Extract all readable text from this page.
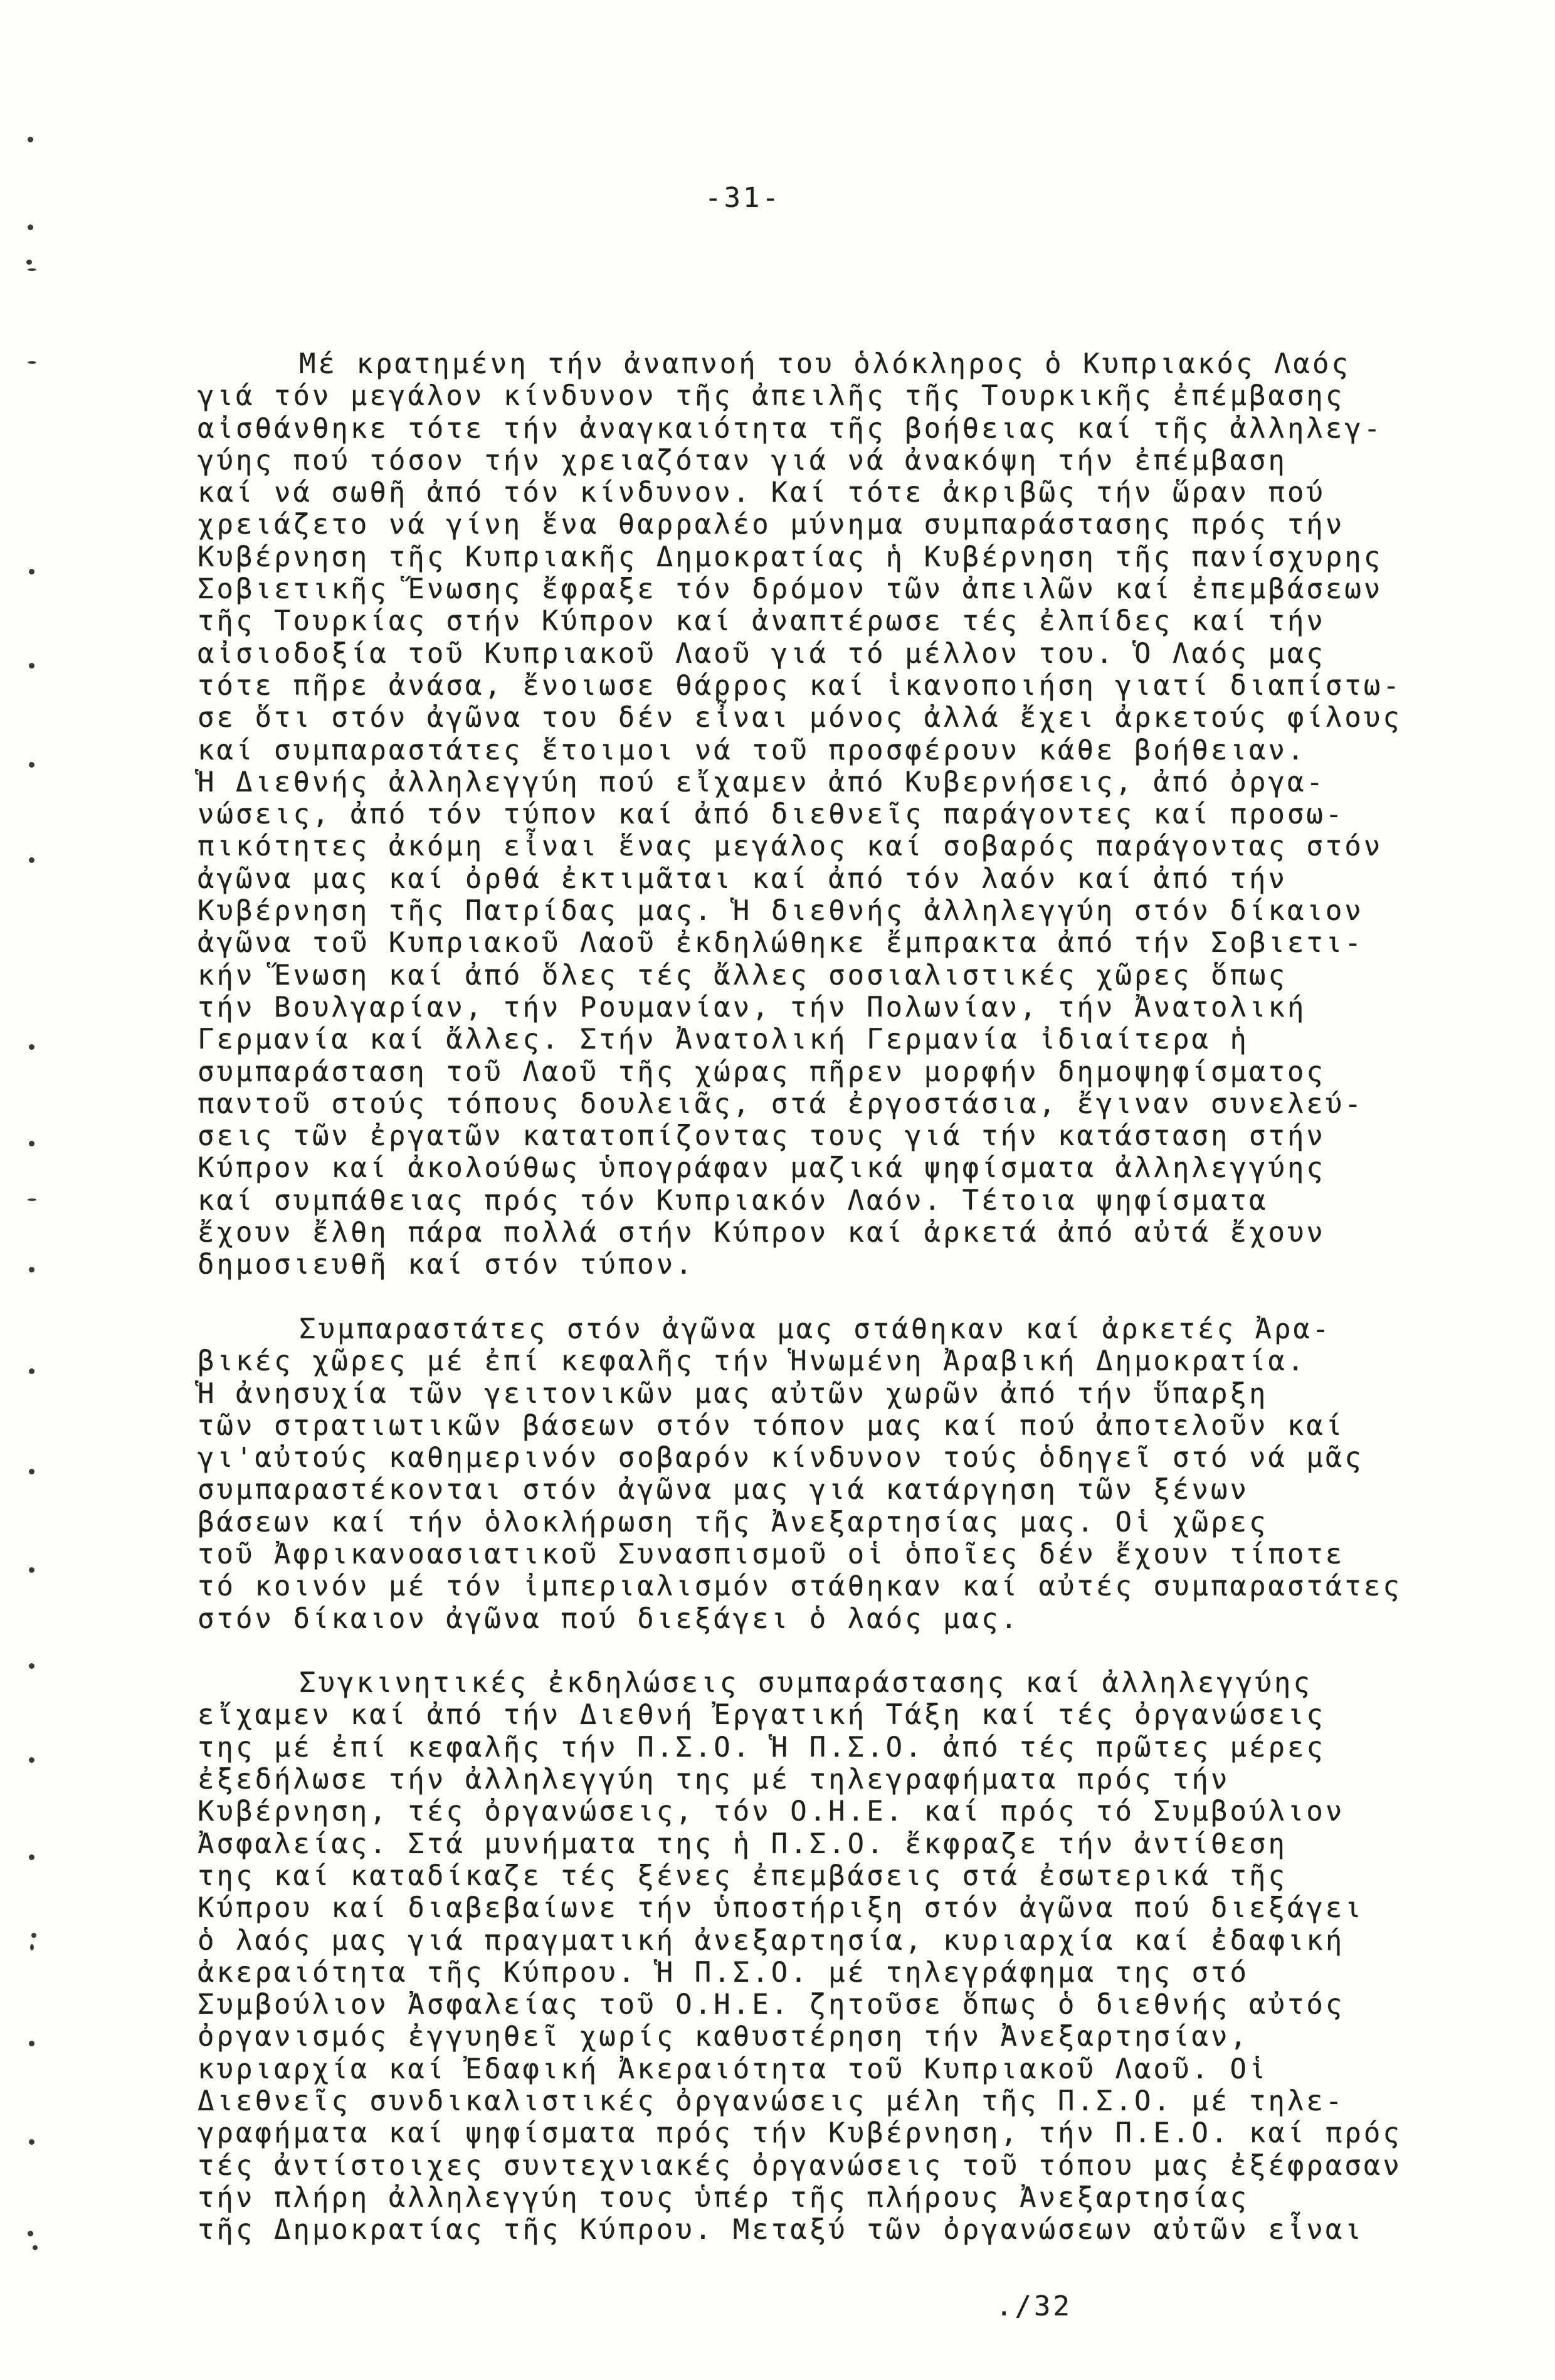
-31-
Μέ κρατημένη τήν ἀναπνοή του ὁλόκληρος ὁ Κυπριακός Λαός
γιά τόν μεγάλον κίνδυνον τῆς ἀπειλῆς τῆς Τουρκικῆς ἐπέμβασης
αἰσθάνθηκε τότε τήν ἀναγκαιότητα τῆς βοήθειας καί τῆς ἀλληλεγ-
γύης πού τόσον τήν χρειαζόταν γιά νά ἀνακόψη τήν ἐπέμβαση
καί νά σωθῆ ἀπό τόν κίνδυνον. Καί τότε ἀκριβῶς τήν ὥραν πού
χρειάζετο νά γίνη ἕνα θαρραλέο μύνημα συμπαράστασης πρός τήν
Κυβέρνηση τῆς Κυπριακῆς Δημοκρατίας ἡ Κυβέρνηση τῆς πανίσχυρης
Σοβιετικῆς Ἕνωσης ἔφραξε τόν δρόμον τῶν ἀπειλῶν καί ἐπεμβάσεων
τῆς Τουρκίας στήν Κύπρον καί ἀναπτέρωσε τές ἐλπίδες καί τήν
αἰσιοδοξία τοῦ Κυπριακοῦ Λαοῦ γιά τό μέλλον του. Ὁ Λαός μας
τότε πῆρε ἀνάσα, ἔνοιωσε θάρρος καί ἱκανοποιήση γιατί διαπίστω-
σε ὅτι στόν ἀγῶνα του δέν εἶναι μόνος ἀλλά ἔχει ἀρκετούς φίλους
καί συμπαραστάτες ἕτοιμοι νά τοῦ προσφέρουν κάθε βοήθειαν.
Ἡ Διεθνής ἀλληλεγγύη πού εἴχαμεν ἀπό Κυβερνήσεις, ἀπό ὀργα-
νώσεις, ἀπό τόν τύπον καί ἀπό διεθνεῖς παράγοντες καί προσω-
πικότητες ἀκόμη εἶναι ἕνας μεγάλος καί σοβαρός παράγοντας στόν
ἀγῶνα μας καί ὀρθά ἐκτιμᾶται καί ἀπό τόν λαόν καί ἀπό τήν
Κυβέρνηση τῆς Πατρίδας μας. Ἡ διεθνής ἀλληλεγγύη στόν δίκαιον
ἀγῶνα τοῦ Κυπριακοῦ Λαοῦ ἐκδηλώθηκε ἔμπρακτα ἀπό τήν Σοβιετι-
κήν Ἕνωση καί ἀπό ὅλες τές ἄλλες σοσιαλιστικές χῶρες ὅπως
τήν Βουλγαρίαν, τήν Ρουμανίαν, τήν Πολωνίαν, τήν Ἀνατολική
Γερμανία καί ἄλλες. Στήν Ἀνατολική Γερμανία ἰδιαίτερα ἡ
συμπαράσταση τοῦ Λαοῦ τῆς χώρας πῆρεν μορφήν δημοψηφίσματος
παντοῦ στούς τόπους δουλειᾶς, στά ἐργοστάσια, ἔγιναν συνελεύ-
σεις τῶν ἐργατῶν κατατοπίζοντας τους γιά τήν κατάσταση στήν
Κύπρον καί ἀκολούθως ὑπογράφαν μαζικά ψηφίσματα ἀλληλεγγύης
καί συμπάθειας πρός τόν Κυπριακόν Λαόν. Τέτοια ψηφίσματα
ἔχουν ἔλθη πάρα πολλά στήν Κύπρον καί ἀρκετά ἀπό αὐτά ἔχουν
δημοσιευθῆ καί στόν τύπον.
Συμπαραστάτες στόν ἀγῶνα μας στάθηκαν καί ἀρκετές Ἀρα-
βικές χῶρες μέ ἐπί κεφαλῆς τήν Ἡνωμένη Ἀραβική Δημοκρατία.
Ἡ ἀνησυχία τῶν γειτονικῶν μας αὐτῶν χωρῶν ἀπό τήν ὕπαρξη
τῶν στρατιωτικῶν βάσεων στόν τόπον μας καί πού ἀποτελοῦν καί
γι'αὐτούς καθημερινόν σοβαρόν κίνδυνον τούς ὁδηγεῖ στό νά μᾶς
συμπαραστέκονται στόν ἀγῶνα μας γιά κατάργηση τῶν ξένων
βάσεων καί τήν ὁλοκλήρωση τῆς Ἀνεξαρτησίας μας. Οἱ χῶρες
τοῦ Ἀφρικανοασιατικοῦ Συνασπισμοῦ οἱ ὁποῖες δέν ἔχουν τίποτε
τό κοινόν μέ τόν ἰμπεριαλισμόν στάθηκαν καί αὐτές συμπαραστάτες
στόν δίκαιον ἀγῶνα πού διεξάγει ὁ λαός μας.
Συγκινητικές ἐκδηλώσεις συμπαράστασης καί ἀλληλεγγύης
εἴχαμεν καί ἀπό τήν Διεθνή Ἐργατική Τάξη καί τές ὀργανώσεις
της μέ ἐπί κεφαλῆς τήν Π.Σ.Ο. Ἡ Π.Σ.Ο. ἀπό τές πρῶτες μέρες
ἐξεδήλωσε τήν ἀλληλεγγύη της μέ τηλεγραφήματα πρός τήν
Κυβέρνηση, τές ὀργανώσεις, τόν Ο.Η.Ε. καί πρός τό Συμβούλιον
Ἀσφαλείας. Στά μυνήματα της ἡ Π.Σ.Ο. ἔκφραζε τήν ἀντίθεση
της καί καταδίκαζε τές ξένες ἐπεμβάσεις στά ἐσωτερικά τῆς
Κύπρου καί διαβεβαίωνε τήν ὑποστήριξη στόν ἀγῶνα πού διεξάγει
ὁ λαός μας γιά πραγματική ἀνεξαρτησία, κυριαρχία καί ἐδαφική
ἀκεραιότητα τῆς Κύπρου. Ἡ Π.Σ.Ο. μέ τηλεγράφημα της στό
Συμβούλιον Ἀσφαλείας τοῦ Ο.Η.Ε. ζητοῦσε ὅπως ὁ διεθνής αὐτός
ὀργανισμός ἐγγυηθεῖ χωρίς καθυστέρηση τήν Ἀνεξαρτησίαν,
κυριαρχία καί Ἐδαφική Ἀκεραιότητα τοῦ Κυπριακοῦ Λαοῦ. Οἱ
Διεθνεῖς συνδικαλιστικές ὀργανώσεις μέλη τῆς Π.Σ.Ο. μέ τηλε-
γραφήματα καί ψηφίσματα πρός τήν Κυβέρνηση, τήν Π.Ε.Ο. καί πρός
τές ἀντίστοιχες συντεχνιακές ὀργανώσεις τοῦ τόπου μας ἐξέφρασαν
τήν πλήρη ἀλληλεγγύη τους ὑπέρ τῆς πλήρους Ἀνεξαρτησίας
τῆς Δημοκρατίας τῆς Κύπρου. Μεταξύ τῶν ὀργανώσεων αὐτῶν εἶναι
./32
